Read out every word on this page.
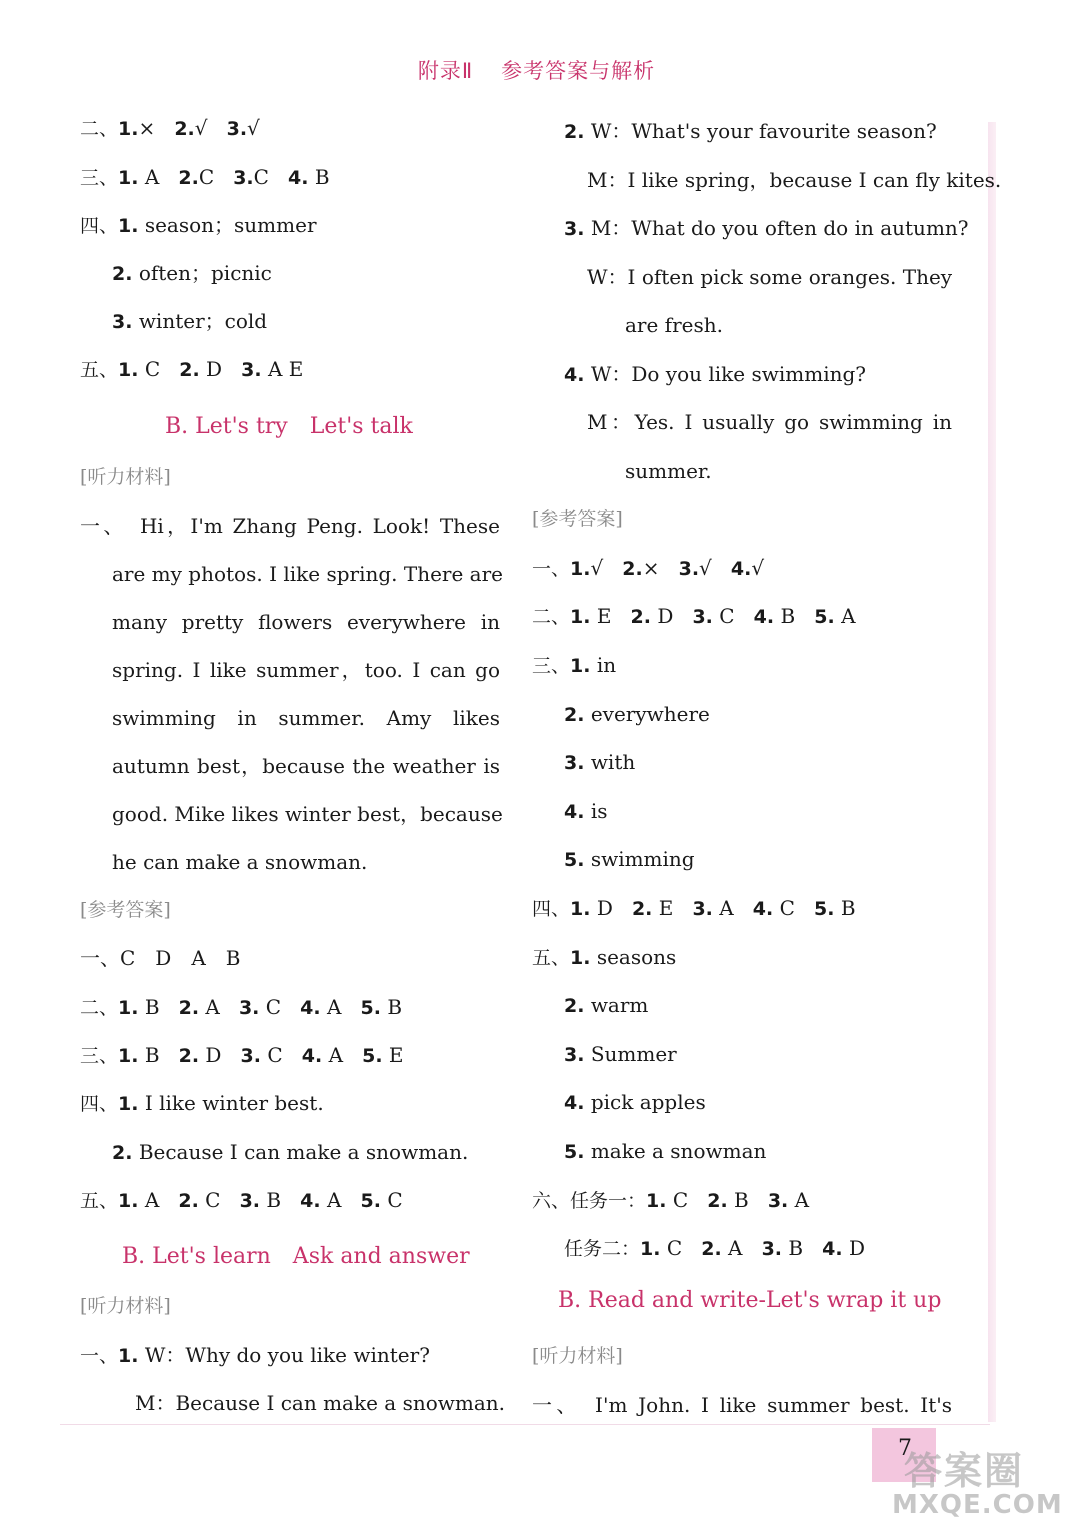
附录Ⅱ 参考答案与解析
7
答案圈
MXQE.COM
二、1.× 2.√ 3.√
三、1. A 2.C 3.C 4. B
四、1. season；summer
2. often；picnic
3. winter；cold
五、1. C 2. D 3. A E
B. Let's try　Let's talk
[听力材料]
一、　Hi，I'm Zhang Peng. Look! These
are my photos. I like spring. There are
many pretty flowers everywhere in
spring. I like summer，too. I can go
swimming in summer. Amy likes
autumn best，because the weather is
good. Mike likes winter best，because
he can make a snowman.
[参考答案]
一、C　D　A　B
二、1. B 2. A 3. C 4. A 5. B
三、1. B 2. D 3. C 4. A 5. E
四、1. I like winter best.
2. Because I can make a snowman.
五、1. A 2. C 3. B 4. A 5. C
B. Let's learn　Ask and answer
[听力材料]
一、1. W：Why do you like winter?
M：Because I can make a snowman.
2. W：What's your favourite season?
M：I like spring，because I can fly kites.
3. M：What do you often do in autumn?
W：I often pick some oranges. They
are fresh.
4. W：Do you like swimming?
M：Yes. I usually go swimming in
summer.
[参考答案]
一、1.√ 2.× 3.√ 4.√
二、1. E 2. D 3. C 4. B 5. A
三、1. in
2. everywhere
3. with
4. is
5. swimming
四、1. D 2. E 3. A 4. C 5. B
五、1. seasons
2. warm
3. Summer
4. pick apples
5. make a snowman
六、任务一：1. C 2. B 3. A
任务二：1. C 2. A 3. B 4. D
B. Read and write-Let's wrap it up
[听力材料]
一、　I'm John. I like summer best. It's
